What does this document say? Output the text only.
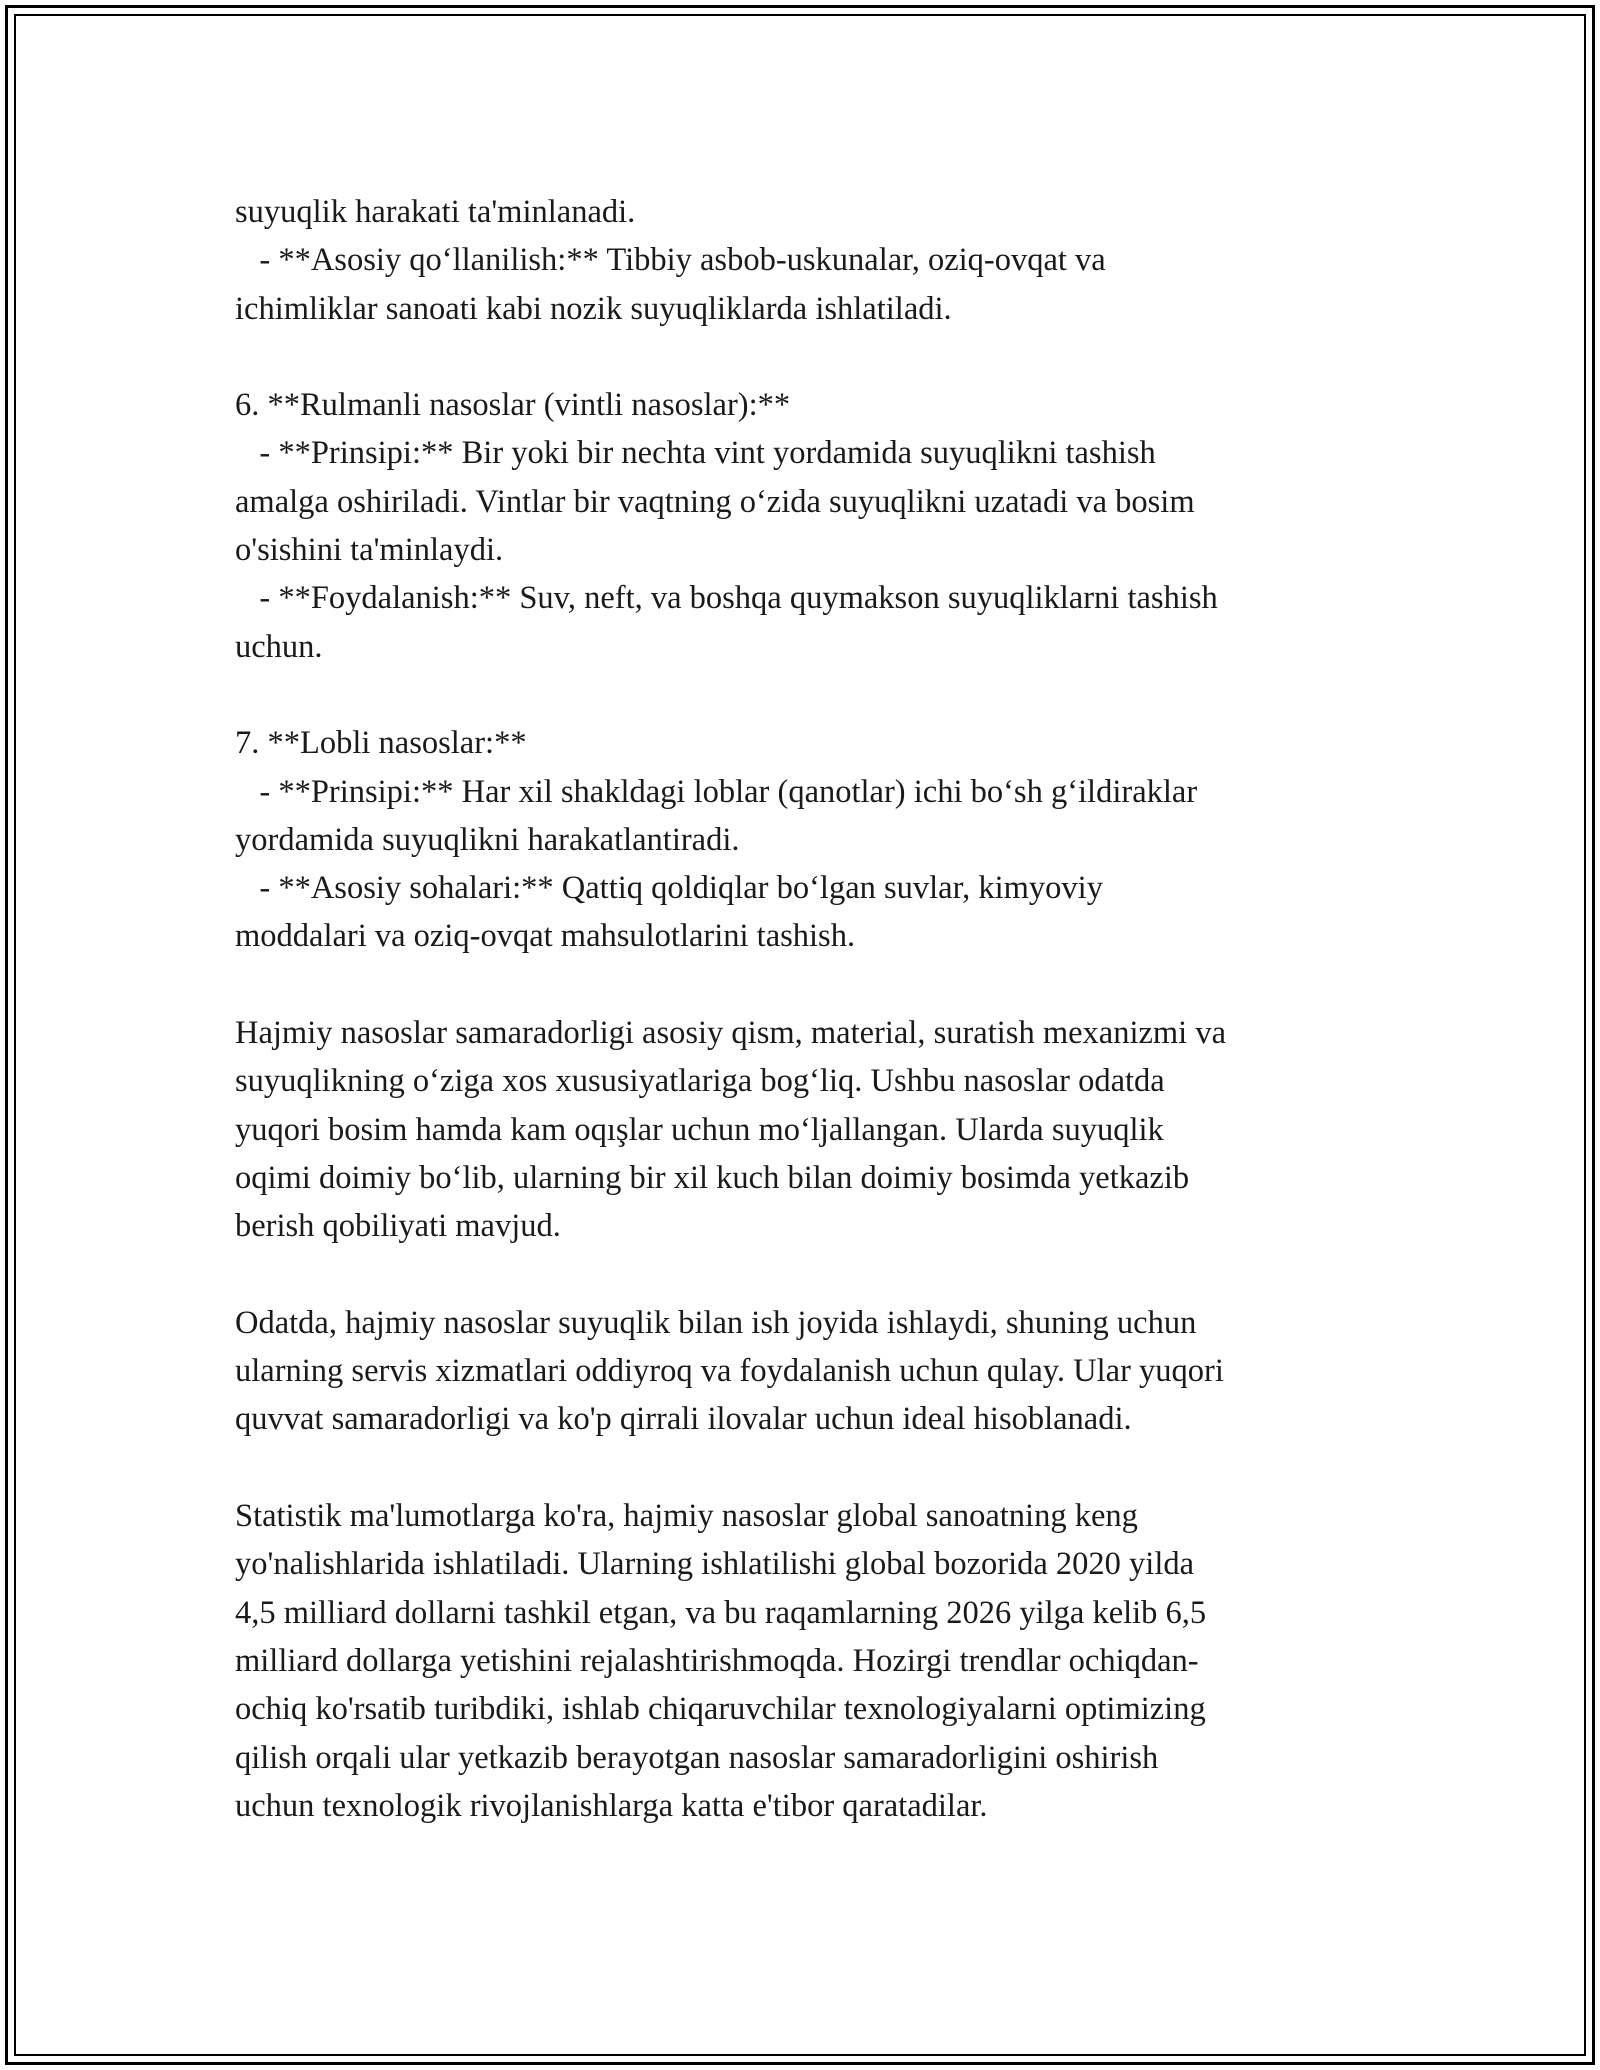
suyuqlik harakati ta'minlanadi.
- **Asosiy qo‘llanilish:** Tibbiy asbob-uskunalar, oziq-ovqat va
ichimliklar sanoati kabi nozik suyuqliklarda ishlatiladi.
6. **Rulmanli nasoslar (vintli nasoslar):**
- **Prinsipi:** Bir yoki bir nechta vint yordamida suyuqlikni tashish
amalga oshiriladi. Vintlar bir vaqtning o‘zida suyuqlikni uzatadi va bosim
o'sishini ta'minlaydi.
- **Foydalanish:** Suv, neft, va boshqa quymakson suyuqliklarni tashish
uchun.
7. **Lobli nasoslar:**
- **Prinsipi:** Har xil shakldagi loblar (qanotlar) ichi bo‘sh g‘ildiraklar
yordamida suyuqlikni harakatlantiradi.
- **Asosiy sohalari:** Qattiq qoldiqlar bo‘lgan suvlar, kimyoviy
moddalari va oziq-ovqat mahsulotlarini tashish.
Hajmiy nasoslar samaradorligi asosiy qism, material, suratish mexanizmi va
suyuqlikning o‘ziga xos xususiyatlariga bog‘liq. Ushbu nasoslar odatda
yuqori bosim hamda kam oqışlar uchun mo‘ljallangan. Ularda suyuqlik
oqimi doimiy bo‘lib, ularning bir xil kuch bilan doimiy bosimda yetkazib
berish qobiliyati mavjud.
Odatda, hajmiy nasoslar suyuqlik bilan ish joyida ishlaydi, shuning uchun
ularning servis xizmatlari oddiyroq va foydalanish uchun qulay. Ular yuqori
quvvat samaradorligi va ko'p qirrali ilovalar uchun ideal hisoblanadi.
Statistik ma'lumotlarga ko'ra, hajmiy nasoslar global sanoatning keng
yo'nalishlarida ishlatiladi. Ularning ishlatilishi global bozorida 2020 yilda
4,5 milliard dollarni tashkil etgan, va bu raqamlarning 2026 yilga kelib 6,5
milliard dollarga yetishini rejalashtirishmoqda. Hozirgi trendlar ochiqdan-
ochiq ko'rsatib turibdiki, ishlab chiqaruvchilar texnologiyalarni optimizing
qilish orqali ular yetkazib berayotgan nasoslar samaradorligini oshirish
uchun texnologik rivojlanishlarga katta e'tibor qaratadilar.
